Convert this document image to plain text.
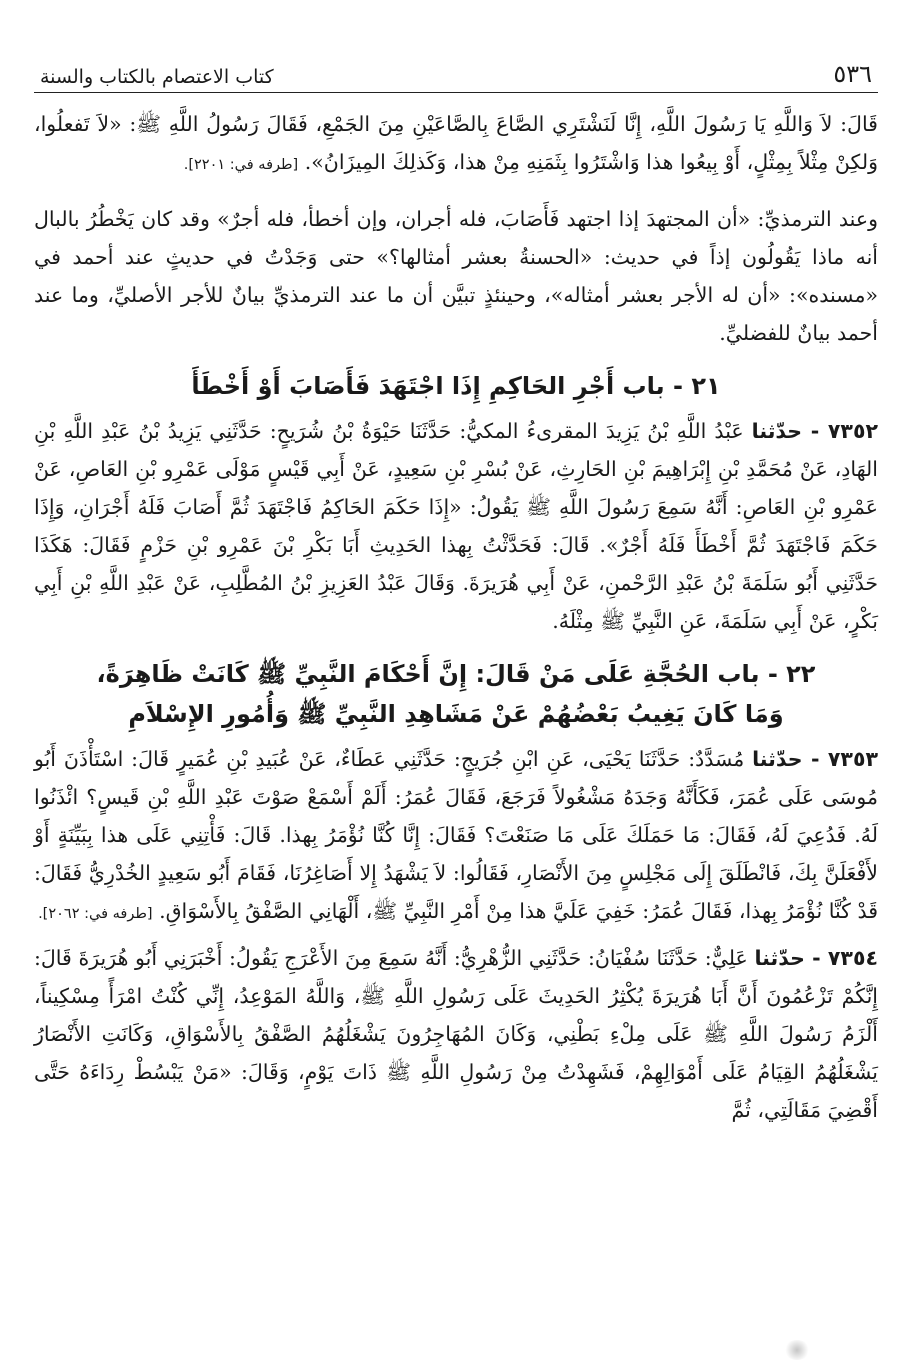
٥٣٦
كتاب الاعتصام بالكتاب والسنة

قَالَ: لاَ وَاللَّهِ يَا رَسُولَ اللَّهِ، إِنَّا لَنَشْتَرِي الصَّاعَ بِالصَّاعَيْنِ مِنَ الجَمْعِ، فَقَالَ رَسُولُ اللَّهِ ﷺ: «لاَ تَفعلُوا، وَلكِنْ مِثْلاً بِمِثْلٍ، أَوْ بِيعُوا هذا وَاشْتَرُوا بِثَمَنِهِ مِنْ هذا، وَكَذلِكَ المِيزَانُ». [طرفه في: ٢٢٠١].

وعند الترمذيِّ: «أن المجتهدَ إذا اجتهد فَأَصَابَ، فله أجران، وإن أخطأ، فله أجرٌ» وقد كان يَخْطُرُ بالبال أنه ماذا يَقُولُون إذاً في حديث: «الحسنةُ بعشر أمثالها؟» حتى وَجَدْتُ في حديثٍ عند أحمد في «مسنده»: «أن له الأجر بعشر أمثاله»، وحينئذٍ تبيَّن أن ما عند الترمذيِّ بيانٌ للأجر الأصليِّ، وما عند أحمد بيانٌ للفضليِّ.

٢١ - باب أَجْرِ الحَاكِمِ إِذَا اجْتَهَدَ فَأَصَابَ أَوْ أَخْطَأَ

٧٣٥٢ - حدّثنا عَبْدُ اللَّهِ بْنُ يَزِيدَ المقرىءُ المكيُّ: حَدَّثَنَا حَيْوَةُ بْنُ شُرَيحٍ: حَدَّثَنِي يَزِيدُ بْنُ عَبْدِ اللَّهِ بْنِ الهَادِ، عَنْ مُحَمَّدِ بْنِ إِبْرَاهِيمَ بْنِ الحَارِثِ، عَنْ بُسْرِ بْنِ سَعِيدٍ، عَنْ أَبِي قَيْسٍ مَوْلَى عَمْرِو بْنِ العَاصِ، عَنْ عَمْرِو بْنِ العَاصِ: أَنَّهُ سَمِعَ رَسُولَ اللَّهِ ﷺ يَقُولُ: «إِذَا حَكَمَ الحَاكِمُ فَاجْتَهَدَ ثُمَّ أَصَابَ فَلَهُ أَجْرَانِ، وَإِذَا حَكَمَ فَاجْتَهَدَ ثُمَّ أَخْطَأَ فَلَهُ أَجْرٌ». قَالَ: فَحَدَّثْتُ بِهذا الحَدِيثِ أَبَا بَكْرِ بْنَ عَمْرِو بْنِ حَزْمٍ فَقَالَ: هَكَذَا حَدَّثَنِي أَبُو سَلَمَةَ بْنُ عَبْدِ الرَّحْمنِ، عَنْ أَبِي هُرَيرَةَ. وَقَالَ عَبْدُ العَزِيزِ بْنُ المُطَّلِبِ، عَنْ عَبْدِ اللَّهِ بْنِ أَبِي بَكْرٍ، عَنْ أَبِي سَلَمَةَ، عَنِ النَّبِيِّ ﷺ مِثْلَهُ.

٢٢ - باب الحُجَّةِ عَلَى مَنْ قَالَ: إِنَّ أَحْكَامَ النَّبِيِّ ﷺ كَانَتْ ظَاهِرَةً،
وَمَا كَانَ يَغِيبُ بَعْضُهُمْ عَنْ مَشَاهِدِ النَّبِيِّ ﷺ وَأُمُورِ الإِسْلاَمِ

٧٣٥٣ - حدّثنا مُسَدَّدٌ: حَدَّثَنَا يَحْيَى، عَنِ ابْنِ جُرَيجٍ: حَدَّثَنِي عَطَاءٌ، عَنْ عُبَيدِ بْنِ عُمَيرٍ قَالَ: اسْتَأْذَنَ أَبُو مُوسَى عَلَى عُمَرَ، فَكَأَنَّهُ وَجَدَهُ مَشْغُولاً فَرَجَعَ، فَقَالَ عُمَرُ: أَلَمْ أَسْمَعْ صَوْتَ عَبْدِ اللَّهِ بْنِ قَيسٍ؟ ائْذَنُوا لَهُ. فَدُعِيَ لَهُ، فَقَالَ: مَا حَمَلَكَ عَلَى مَا صَنَعْتَ؟ فَقَالَ: إِنَّا كُنَّا نُؤْمَرُ بِهذا. قَالَ: فَأْتِنِي عَلَى هذا بِبَيِّنَةٍ أَوْ لأَفْعَلَنَّ بِكَ، فَانْطَلَقَ إِلَى مَجْلِسٍ مِنَ الأَنْصَارِ، فَقَالُوا: لاَ يَشْهَدُ إِلا أَصَاغِرُنَا، فَقَامَ أَبُو سَعِيدٍ الخُدْرِيُّ فَقَالَ: قَدْ كُنَّا نُؤْمَرُ بِهذا، فَقَالَ عُمَرُ: خَفِيَ عَلَيَّ هذا مِنْ أَمْرِ النَّبِيِّ ﷺ، أَلْهَانِي الصَّفْقُ بِالأَسْوَاقِ. [طرفه في: ٢٠٦٢].

٧٣٥٤ - حدّثنا عَلِيٌّ: حَدَّثَنَا سُفْيَانُ: حَدَّثَنِي الزُّهْرِيُّ: أَنَّهُ سَمِعَ مِنَ الأَعْرَجِ يَقُولُ: أَخْبَرَنِي أَبُو هُرَيرَةَ قَالَ: إِنَّكُمْ تَزْعُمُونَ أَنَّ أَبَا هُرَيرَةَ يُكْثِرُ الحَدِيثَ عَلَى رَسُولِ اللَّهِ ﷺ، وَاللَّهُ المَوْعِدُ، إِنِّي كُنْتُ امْرَأً مِسْكِيناً، أَلْزَمُ رَسُولَ اللَّهِ ﷺ عَلَى مِلْءِ بَطْنِي، وَكَانَ المُهَاجِرُونَ يَشْغَلُهُمُ الصَّفْقُ بِالأَسْوَاقِ، وَكَانَتِ الأَنْصَارُ يَشْغَلُهُمُ القِيَامُ عَلَى أَمْوَالِهِمْ، فَشَهِدْتُ مِنْ رَسُولِ اللَّهِ ﷺ ذَاتَ يَوْمٍ، وَقَالَ: «مَنْ يَبْسُطْ رِدَاءَهُ حَتَّى أَقْضِيَ مَقَالَتِي، ثُمَّ
